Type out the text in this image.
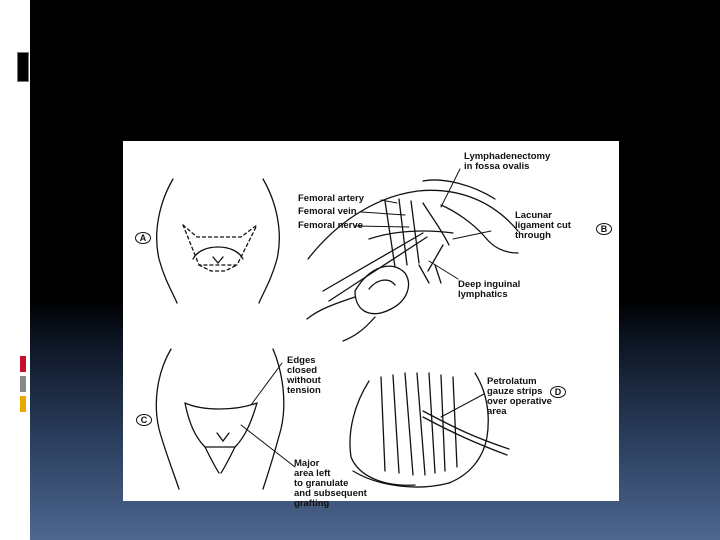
A
B
C
D
Lymphadenectomy
in fossa ovalis
Femoral artery
Femoral vein
Femoral nerve
Lacunar
ligament cut
through
Deep inguinal
lymphatics
Edges
closed
without
tension
Major
area left
to granulate
and subsequent
grafting
Petrolatum
gauze strips
over operative
area
